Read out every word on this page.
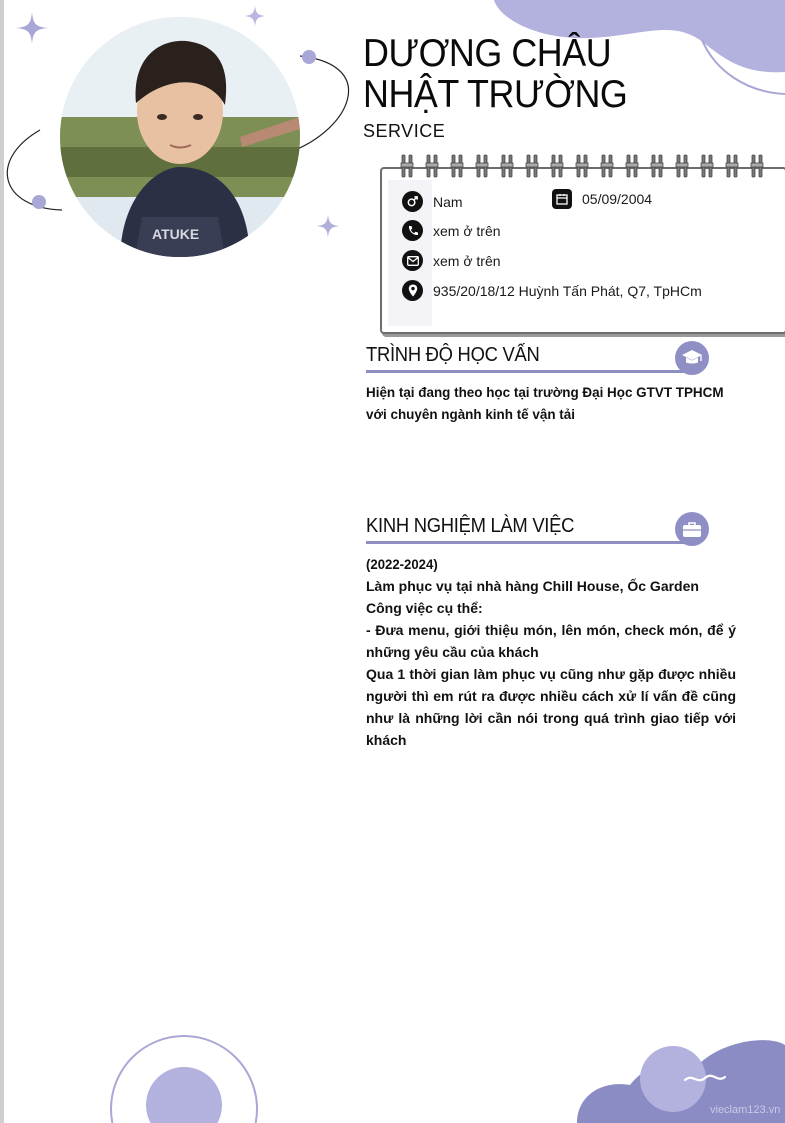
ATUKE
DƯƠNG CHÂU
NHẬT TRƯỜNG
SERVICE
Nam	05/09/2004
xem ở trên
xem ở trên
935/20/18/12 Huỳnh Tấn Phát, Q7, TpHCm
TRÌNH ĐỘ HỌC VẤN
Hiện tại đang theo học tại trường Đại Học GTVT TPHCM với chuyên ngành kinh tế vận tải
KINH NGHIỆM LÀM VIỆC

(2022-2024)

Làm phục vụ tại nhà hàng Chill House, Ốc Garden

Công việc cụ thể:

- Đưa menu, giới thiệu món, lên món, check món, để ý những yêu cầu của khách

Qua 1 thời gian làm phục vụ cũng như gặp được nhiều người thì em rút ra được nhiều cách xử lí vấn đề cũng như là những lời cần nói trong quá trình giao tiếp với khách

vieclam123.vn
